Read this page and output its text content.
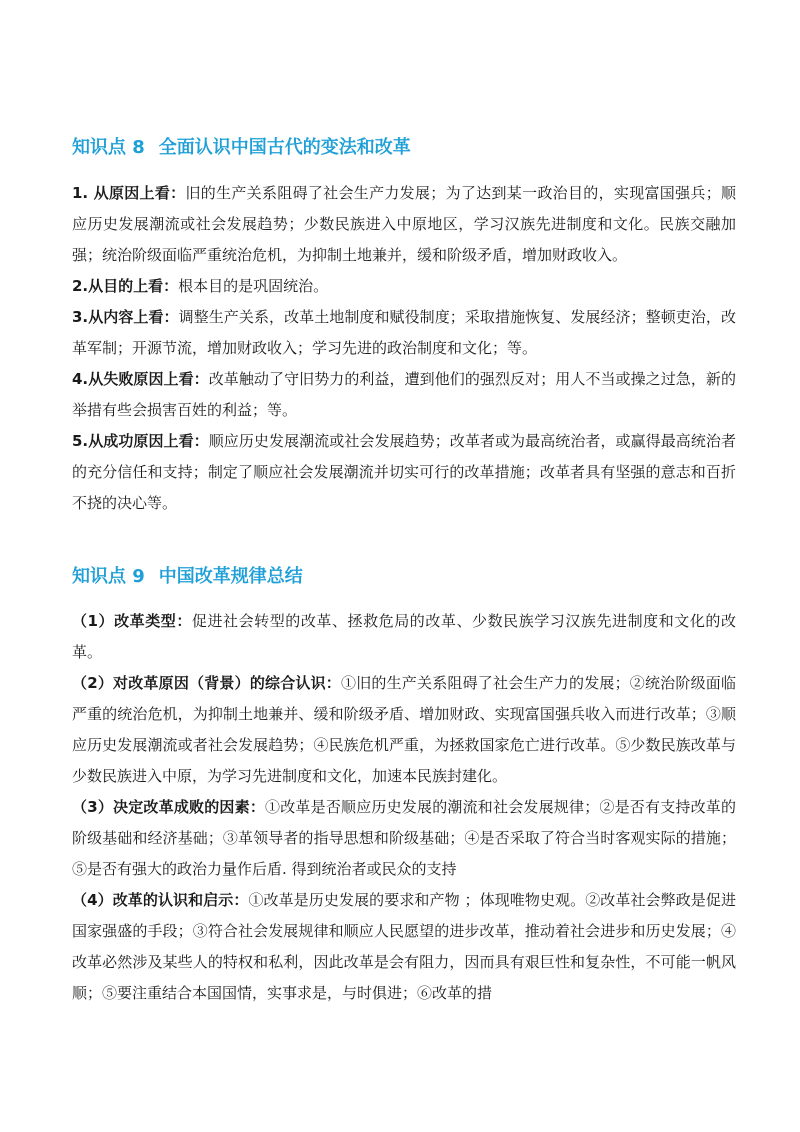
知识点 8 全面认识中国古代的变法和改革

1. 从原因上看：旧的生产关系阻碍了社会生产力发展；为了达到某一政治目的，实现富国强兵；顺应历史发展潮流或社会发展趋势；少数民族进入中原地区，学习汉族先进制度和文化。民族交融加强；统治阶级面临严重统治危机，为抑制土地兼并，缓和阶级矛盾，增加财政收入。

2.从目的上看：根本目的是巩固统治。

3.从内容上看：调整生产关系，改革土地制度和赋役制度；采取措施恢复、发展经济；整顿吏治，改革军制；开源节流，增加财政收入；学习先进的政治制度和文化；等。

4.从失败原因上看：改革触动了守旧势力的利益，遭到他们的强烈反对；用人不当或操之过急，新的举措有些会损害百姓的利益；等。

5.从成功原因上看：顺应历史发展潮流或社会发展趋势；改革者或为最高统治者，或赢得最高统治者的充分信任和支持；制定了顺应社会发展潮流并切实可行的改革措施；改革者具有坚强的意志和百折不挠的决心等。

知识点 9 中国改革规律总结

（1）改革类型：促进社会转型的改革、拯救危局的改革、少数民族学习汉族先进制度和文化的改革。

（2）对改革原因（背景）的综合认识：①旧的生产关系阻碍了社会生产力的发展；②统治阶级面临严重的统治危机，为抑制土地兼并、缓和阶级矛盾、增加财政、实现富国强兵收入而进行改革；③顺应历史发展潮流或者社会发展趋势；④民族危机严重，为拯救国家危亡进行改革。⑤少数民族改革与少数民族进入中原，为学习先进制度和文化，加速本民族封建化。

（3）决定改革成败的因素：①改革是否顺应历史发展的潮流和社会发展规律；②是否有支持改革的阶级基础和经济基础；③革领导者的指导思想和阶级基础；④是否采取了符合当时客观实际的措施；⑤是否有强大的政治力量作后盾. 得到统治者或民众的支持

（4）改革的认识和启示：①改革是历史发展的要求和产物 ；体现唯物史观。②改革社会弊政是促进国家强盛的手段；③符合社会发展规律和顺应人民愿望的进步改革，推动着社会进步和历史发展；④改革必然涉及某些人的特权和私利，因此改革是会有阻力，因而具有艰巨性和复杂性，不可能一帆风顺；⑤要注重结合本国国情，实事求是，与时俱进；⑥改革的措
